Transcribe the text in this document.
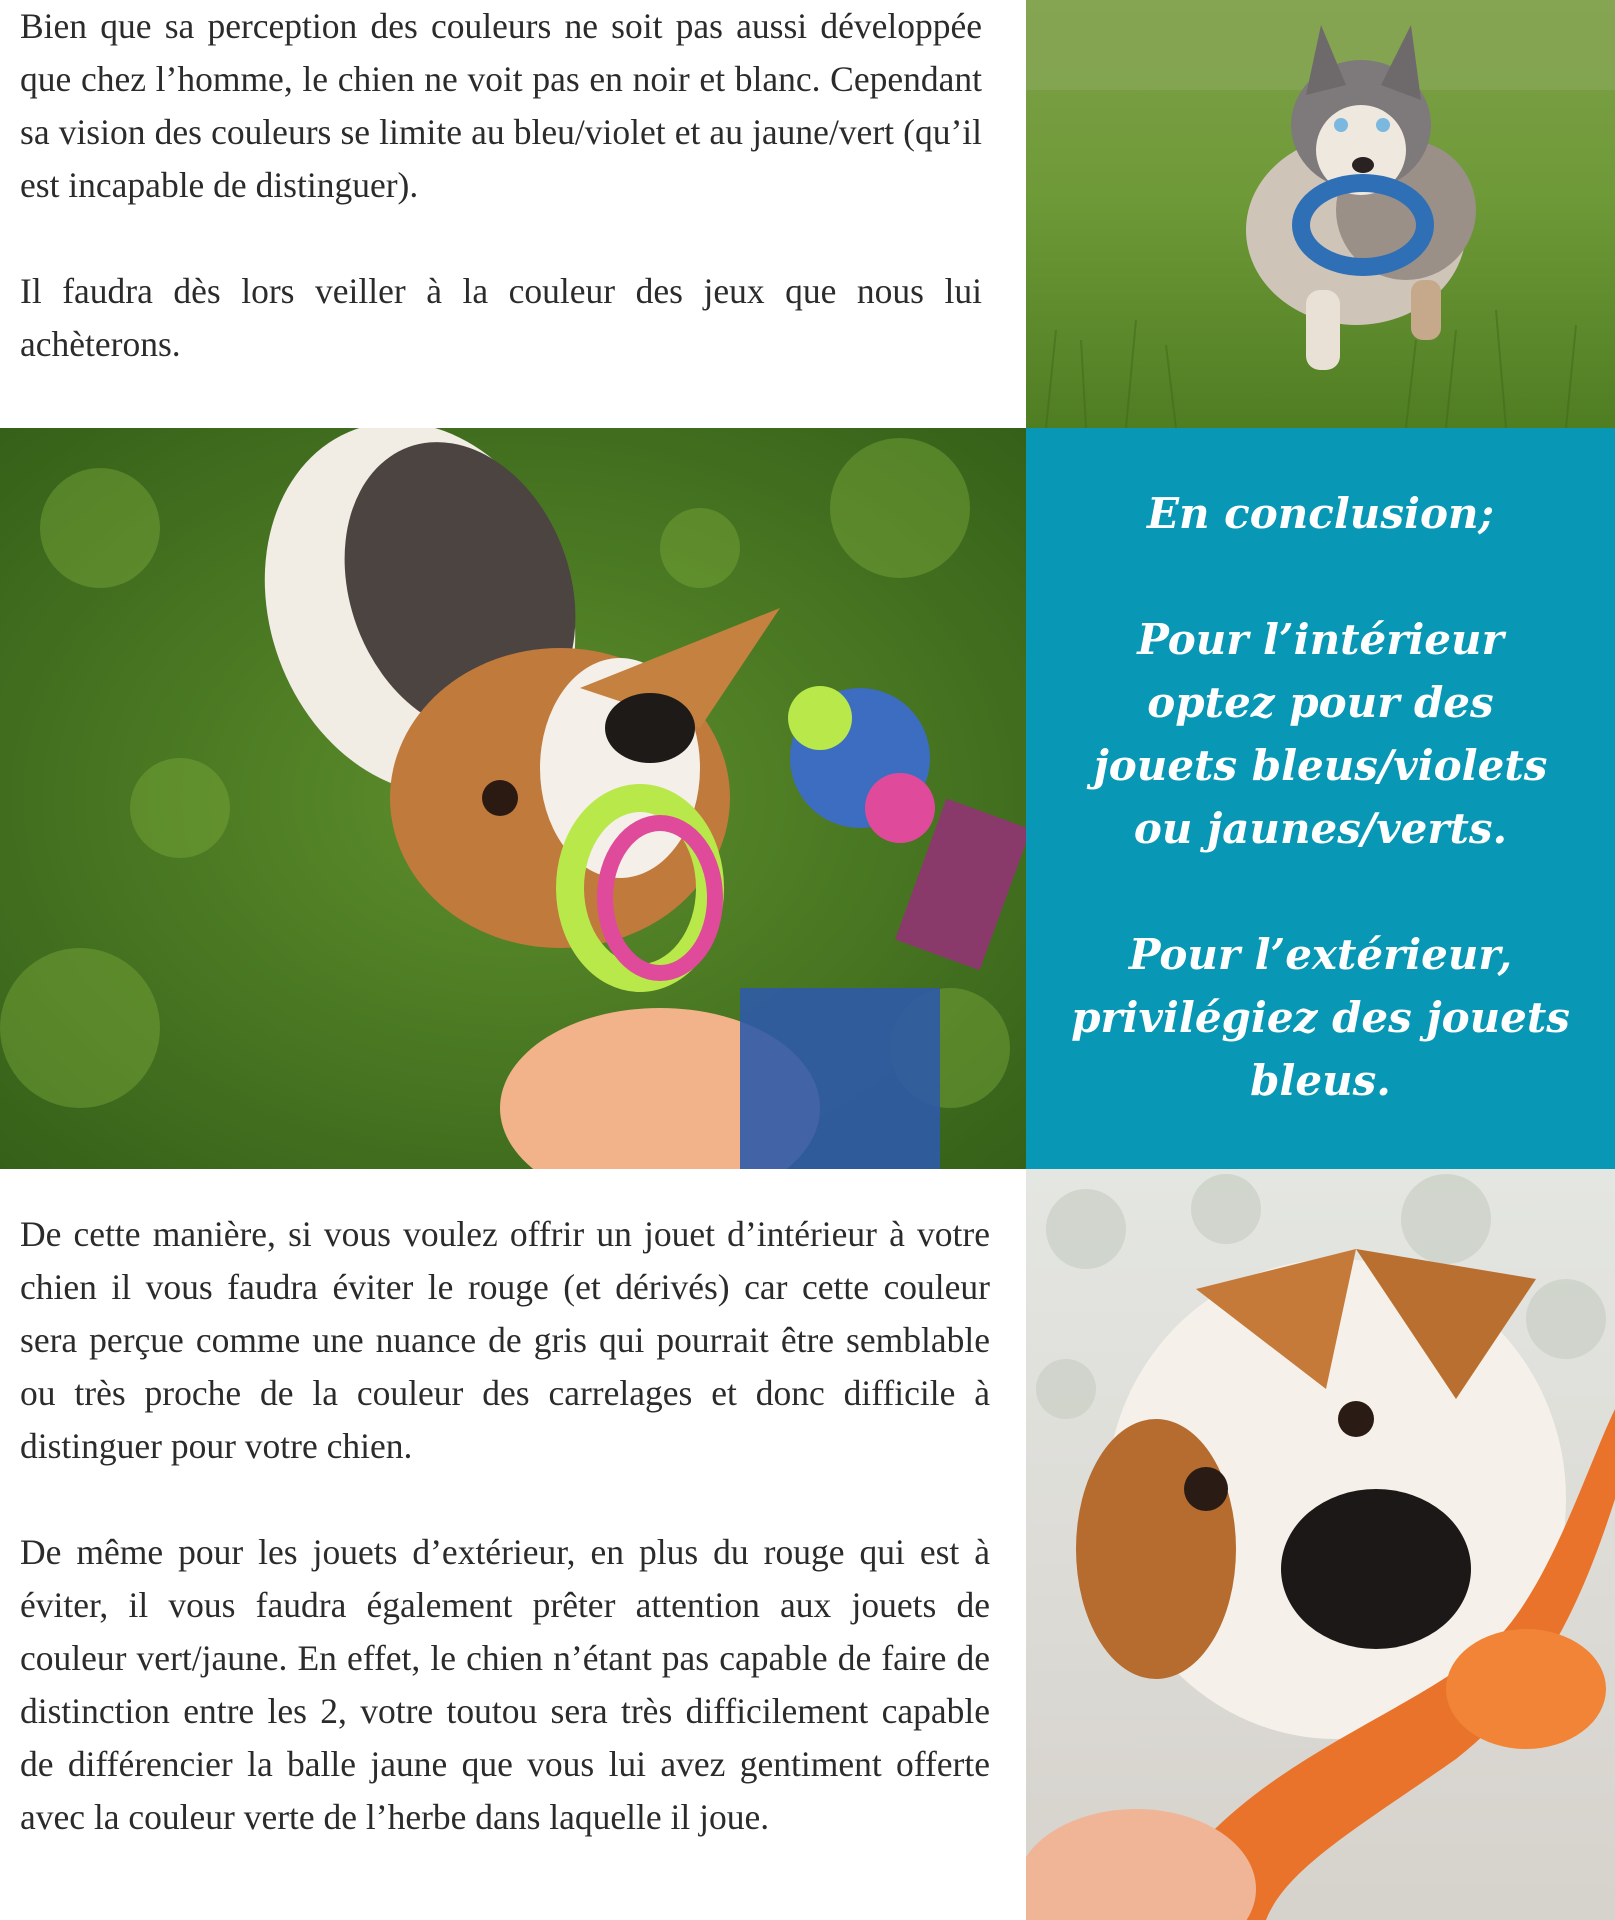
Bien que sa perception des couleurs ne soit pas aussi développée que chez l’homme, le chien ne voit pas en noir et blanc. Cependant sa vision des couleurs se limite au bleu/violet et au jaune/vert (qu’il est incapable de distinguer).

Il faudra dès lors veiller à la couleur des jeux que nous lui achèterons.

En conclusion;
Pour l’intérieur optez pour des jouets bleus/violets ou jaunes/verts.
Pour l’extérieur, privilégiez des jouets bleus.

De cette manière, si vous voulez offrir un jouet d’intérieur à votre chien il vous faudra éviter le rouge (et dérivés) car cette couleur sera perçue comme une nuance de gris qui pourrait être semblable ou très proche de la couleur des carrelages et donc difficile à distinguer pour votre chien.

De même pour les jouets d’extérieur, en plus du rouge qui est à éviter, il vous faudra également prêter attention aux jouets de couleur vert/jaune. En effet, le chien n’étant pas capable de faire de distinction entre les 2, votre toutou sera très difficilement capable de différencier la balle jaune que vous lui avez gentiment offerte avec la couleur verte de l’herbe dans laquelle il joue.
